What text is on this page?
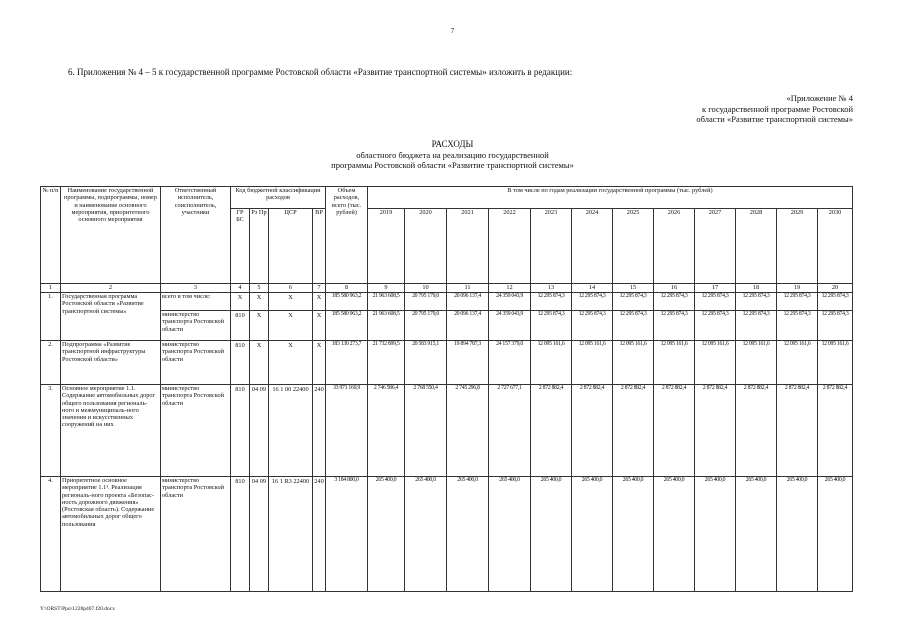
7
6. Приложения № 4 – 5 к государственной программе Ростовской области «Развитие транспортной системы» изложить в редакции:
«Приложение № 4
к государственной программе Ростовской
области «Развитие транспортной системы»
РАСХОДЫ
областного бюджета на реализацию государственной
программы Ростовской области «Развитие транспортной системы»
№ п/п	Наименование государственной программы, подпрограммы, номер и наименование основного мероприятия, приоритетного основного мероприятия	Ответственный исполнитель, соисполнитель, участники	Код бюджетной классификации расходов				Объем расходов, всего (тыс. рублей)	В том числе по годам реализации государственной программы (тыс. рублей)											
			ГР БС	Рз Пр	ЦСР	ВР		2019	2020	2021	2022	2023	2024	2025	2026	2027	2028	2029	2030
1	2	3	4	5	6	7	8	9	10	11	12	13	14	15	16	17	18	19	20
1.	Государственная программа Ростовской области «Развитие транспортной системы»	всего в том числе:	Х	Х	Х	Х	185 580 963,2	21 963 608,5	20 795 179,0	20 096 137,4	24 359 043,9	12 295 874,3	12 295 874,3	12 295 874,3	12 295 874,3	12 295 874,3	12 295 874,3	12 295 874,3	12 295 874,3
		министерство транспорта Ростовской области	810	Х	Х	Х	185 580 963,2	21 963 608,5	20 795 179,0	20 096 137,4	24 359 043,9	12 295 874,3	12 295 874,3	12 295 874,3	12 295 874,3	12 295 874,3	12 295 874,3	12 295 874,3	12 295 874,3
2.	Подпрограмма «Развитие транспортной инфраструктуры Ростовской области»	министерство транспорта Ростовской области	810	Х	Х	Х	183 130 273,7	21 732 899,5	20 583 915,1	19 894 787,3	24 157 379,0	12 095 161,6	12 095 161,6	12 095 161,6	12 095 161,6	12 095 161,6	12 095 161,6	12 095 161,6	12 095 161,6
3.	Основное мероприятие 1.1. Содержание автомобильных дорог общего пользования региональ-ного и межмуниципаль-ного значения и искусственных сооружений на них	министерство транспорта Ростовской области	810	04 09	16 1 00 22400	240	33 971 169,9	2 746 586,4	2 768 550,4	2 745 296,8	2 727 677,1	2 872 882,4	2 872 882,4	2 872 882,4	2 872 882,4	2 872 882,4	2 872 882,4	2 872 882,4	2 872 882,4
4.	Приоритетное основное мероприятие 1.1¹. Реализация региональ-ного проекта «Безопас-ность дорожного движения» (Ростовская область). Содержание автомобильных дорог общего пользования	министерство транспорта Ростовской области	810	04 09	16 1 R3 22400	240	3 184 800,0	265 400,0	265 400,0	265 400,0	265 400,0	265 400,0	265 400,0	265 400,0	265 400,0	265 400,0	265 400,0	265 400,0	265 400,0
Y:\ORST\Ppo\1228p407.f20.docx
